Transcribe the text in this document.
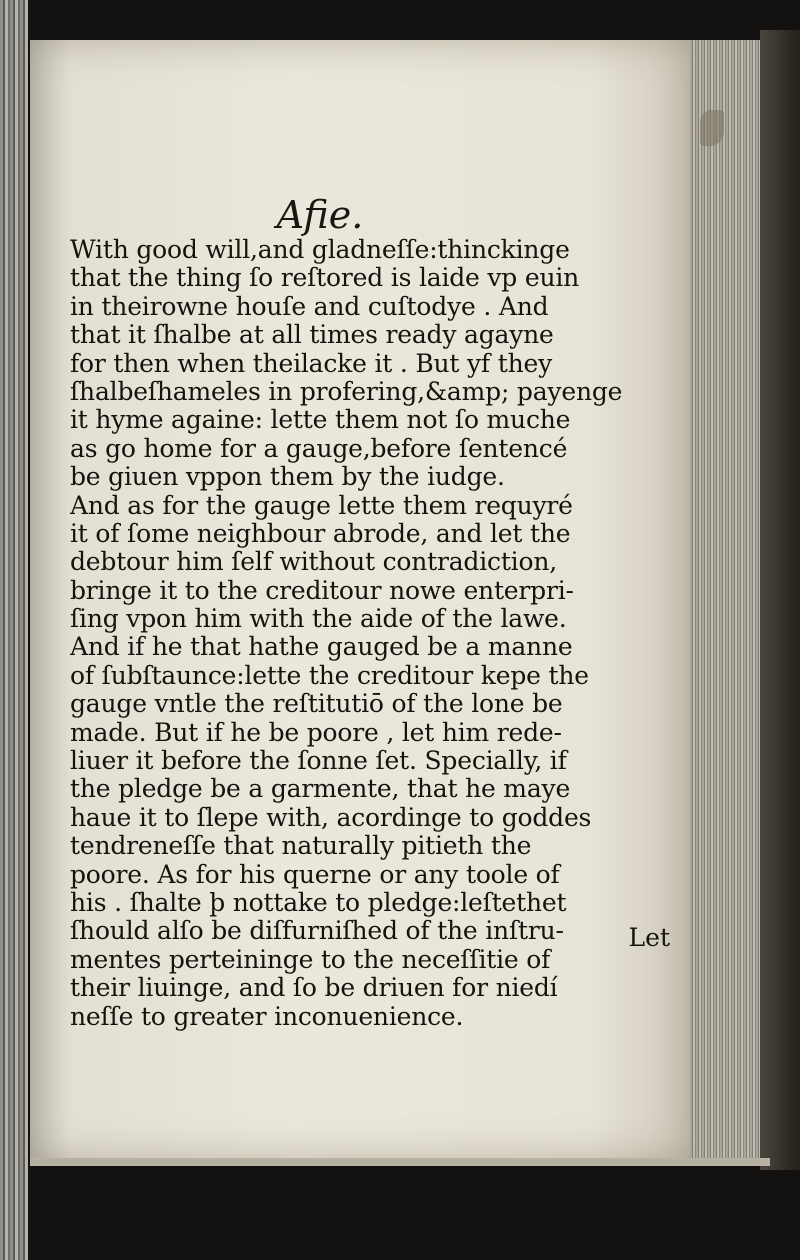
Afie.
With good will,and gladneſſe:thinckinge
that the thing ſo reſtored is laide vp euin
in theirowne houſe and cuſtodye . And
that it ſhalbe at all times ready agayne
for then when theilacke it . But yf they
ſhalbeſhameles in profering,&amp; payenge
it hyme againe: lette them not ſo muche
as go home for a gauge,before ſentencé
be giuen vppon them by the iudge.
And as for the gauge lette them requyré
it of ſome neighbour abrode, and let the
debtour him ſelf without contradiction,
bringe it to the creditour nowe enterpri-
ſing vpon him with the aide of the lawe.
And if he that hathe gauged be a manne
of ſubſtaunce:lette the creditour kepe the
gauge vntle the reſtitutiō of the lone be
made. But if he be poore , let him rede-
liuer it before the ſonne ſet. Specially, if
the pledge be a garmente, that he maye
haue it to ſlepe with, acordinge to goddes
tendreneſſe that naturally pitieth the
poore. As for his querne or any toole of
his . ſhalte þ nottake to pledge:leſtethet
ſhould alſo be diſfurniſhed of the inſtru-
mentes perteininge to the neceſſitie of
their liuinge, and ſo be driuen for niedí
neſſe to greater inconuenience.
Let
